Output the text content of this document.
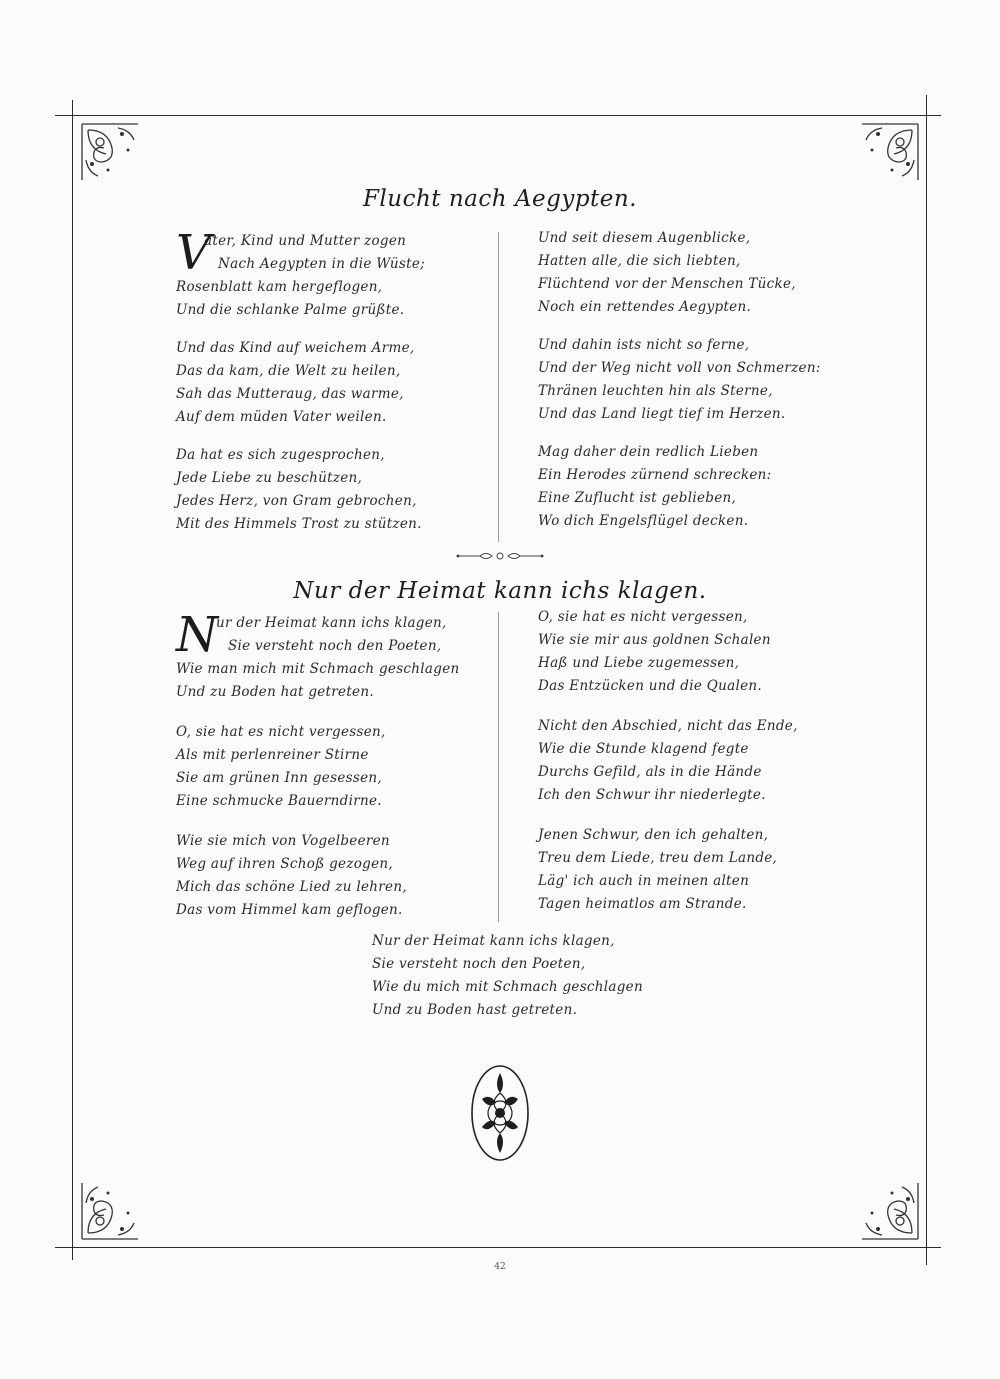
Flucht nach Aegypten.
V
ater, Kind und Mutter zogen
Nach Aegypten in die Wüste;
Rosenblatt kam hergeflogen,
Und die schlanke Palme grüßte.
Und das Kind auf weichem Arme,
Das da kam, die Welt zu heilen,
Sah das Mutteraug, das warme,
Auf dem müden Vater weilen.
Da hat es sich zugesprochen,
Jede Liebe zu beschützen,
Jedes Herz, von Gram gebrochen,
Mit des Himmels Trost zu stützen.
Und seit diesem Augenblicke,
Hatten alle, die sich liebten,
Flüchtend vor der Menschen Tücke,
Noch ein rettendes Aegypten.
Und dahin ists nicht so ferne,
Und der Weg nicht voll von Schmerzen:
Thränen leuchten hin als Sterne,
Und das Land liegt tief im Herzen.
Mag daher dein redlich Lieben
Ein Herodes zürnend schrecken:
Eine Zuflucht ist geblieben,
Wo dich Engelsflügel decken.
Nur der Heimat kann ichs klagen.
N
ur der Heimat kann ichs klagen,
Sie versteht noch den Poeten,
Wie man mich mit Schmach geschlagen
Und zu Boden hat getreten.
O, sie hat es nicht vergessen,
Als mit perlenreiner Stirne
Sie am grünen Inn gesessen,
Eine schmucke Bauerndirne.
Wie sie mich von Vogelbeeren
Weg auf ihren Schoß gezogen,
Mich das schöne Lied zu lehren,
Das vom Himmel kam geflogen.
O, sie hat es nicht vergessen,
Wie sie mir aus goldnen Schalen
Haß und Liebe zugemessen,
Das Entzücken und die Qualen.
Nicht den Abschied, nicht das Ende,
Wie die Stunde klagend fegte
Durchs Gefild, als in die Hände
Ich den Schwur ihr niederlegte.
Jenen Schwur, den ich gehalten,
Treu dem Liede, treu dem Lande,
Läg' ich auch in meinen alten
Tagen heimatlos am Strande.
Nur der Heimat kann ichs klagen,
Sie versteht noch den Poeten,
Wie du mich mit Schmach geschlagen
Und zu Boden hast getreten.
42
